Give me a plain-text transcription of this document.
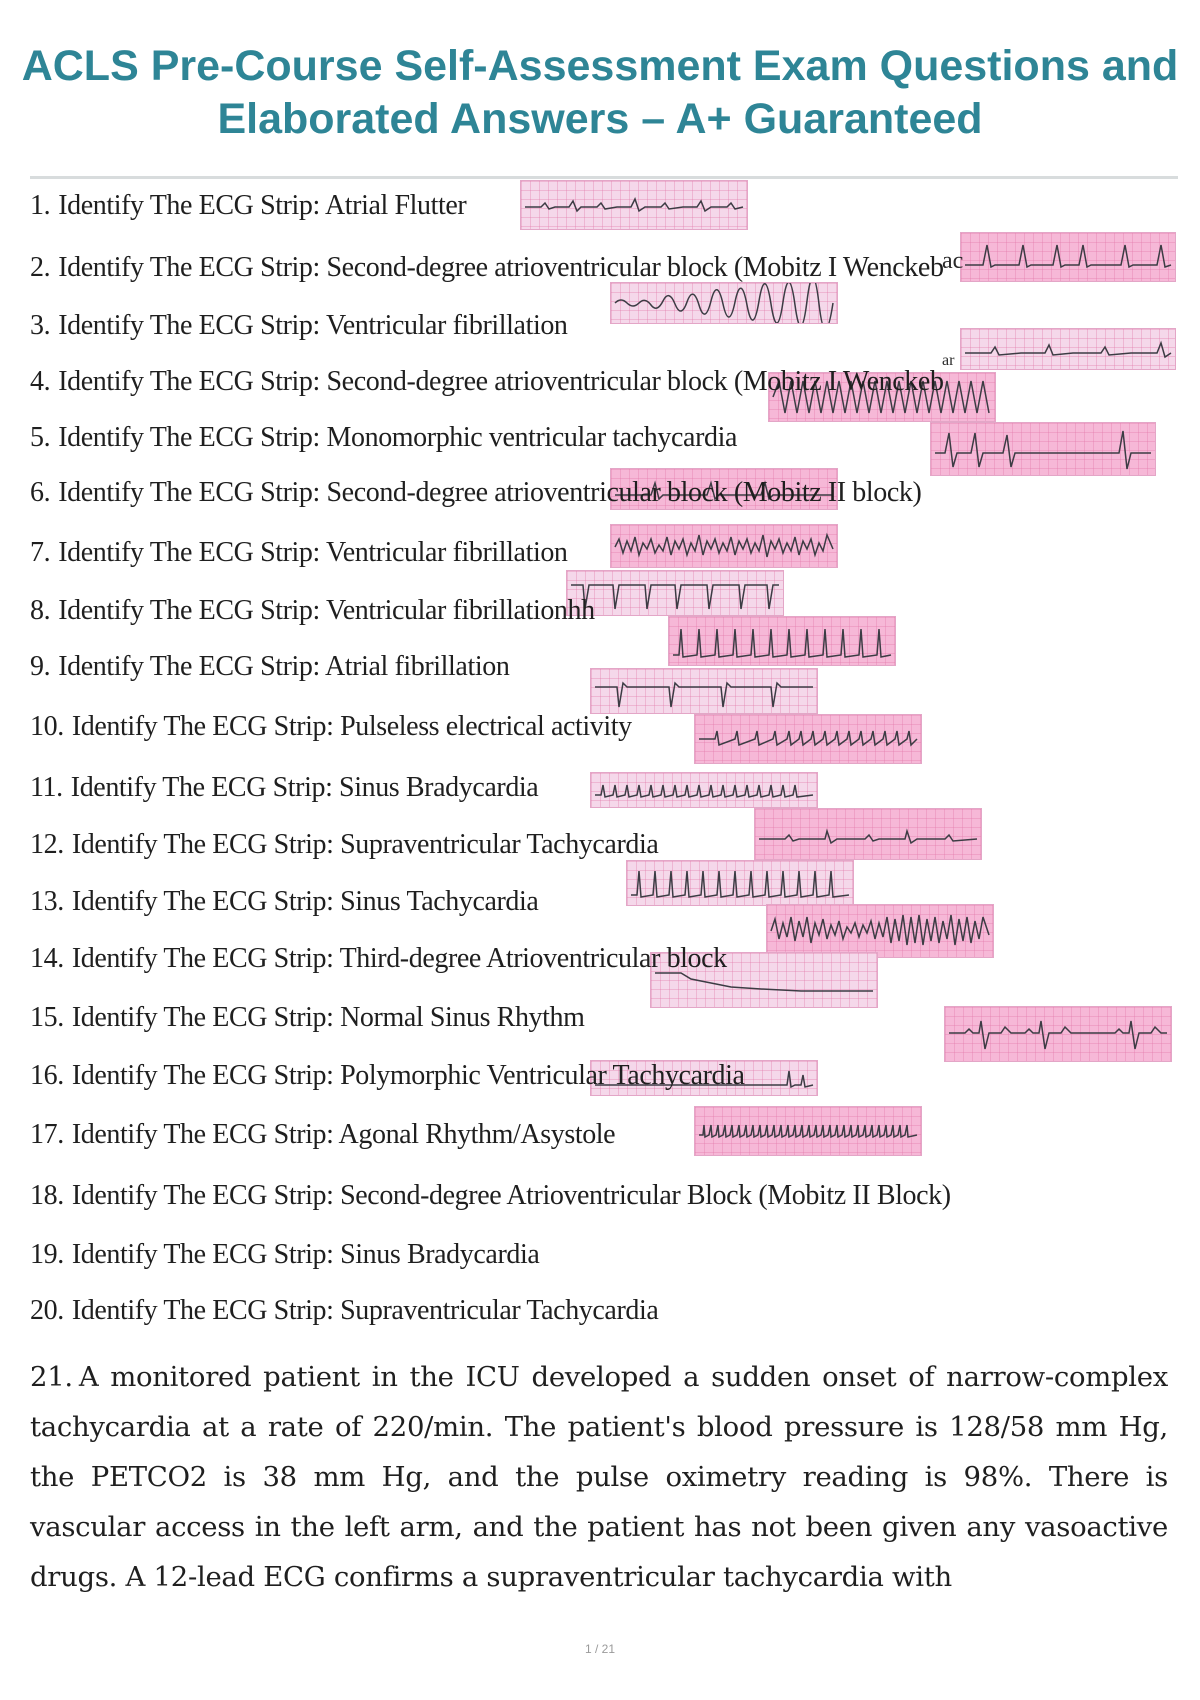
ACLS Pre-Course Self-Assessment Exam Questions and
Elaborated Answers – A+ Guaranteed
1. Identify The ECG Strip: Atrial Flutter
2. Identify The ECG Strip: Second-degree atrioventricular block (Mobitz I Wenckeb
3. Identify The ECG Strip: Ventricular fibrillation
4. Identify The ECG Strip: Second-degree atrioventricular block (Mobitz I Wenckeb
5. Identify The ECG Strip: Monomorphic ventricular tachycardia
6. Identify The ECG Strip: Second-degree atrioventricular block (Mobitz II block)
7. Identify The ECG Strip: Ventricular fibrillation
8. Identify The ECG Strip: Ventricular fibrillationhh
9. Identify The ECG Strip: Atrial fibrillation
10. Identify The ECG Strip: Pulseless electrical activity
11. Identify The ECG Strip: Sinus Bradycardia
12. Identify The ECG Strip: Supraventricular Tachycardia
13. Identify The ECG Strip: Sinus Tachycardia
14. Identify The ECG Strip: Third-degree Atrioventricular block
15. Identify The ECG Strip: Normal Sinus Rhythm
16. Identify The ECG Strip: Polymorphic Ventricular Tachycardia
17. Identify The ECG Strip: Agonal Rhythm/Asystole
18. Identify The ECG Strip: Second-degree Atrioventricular Block (Mobitz II Block)
19. Identify The ECG Strip: Sinus Bradycardia
20. Identify The ECG Strip: Supraventricular Tachycardia
ac
ar
21. A monitored patient in the ICU developed a sudden onset of narrow-complex tachycardia at a rate of 220/min. The patient's blood pressure is 128/58 mm Hg, the PETCO2 is 38 mm Hg, and the pulse oximetry reading is 98%. There is vascular access in the left arm, and the patient has not been given any vasoactive drugs. A 12-lead ECG confirms a supraventricular tachycardia with
1 / 21
